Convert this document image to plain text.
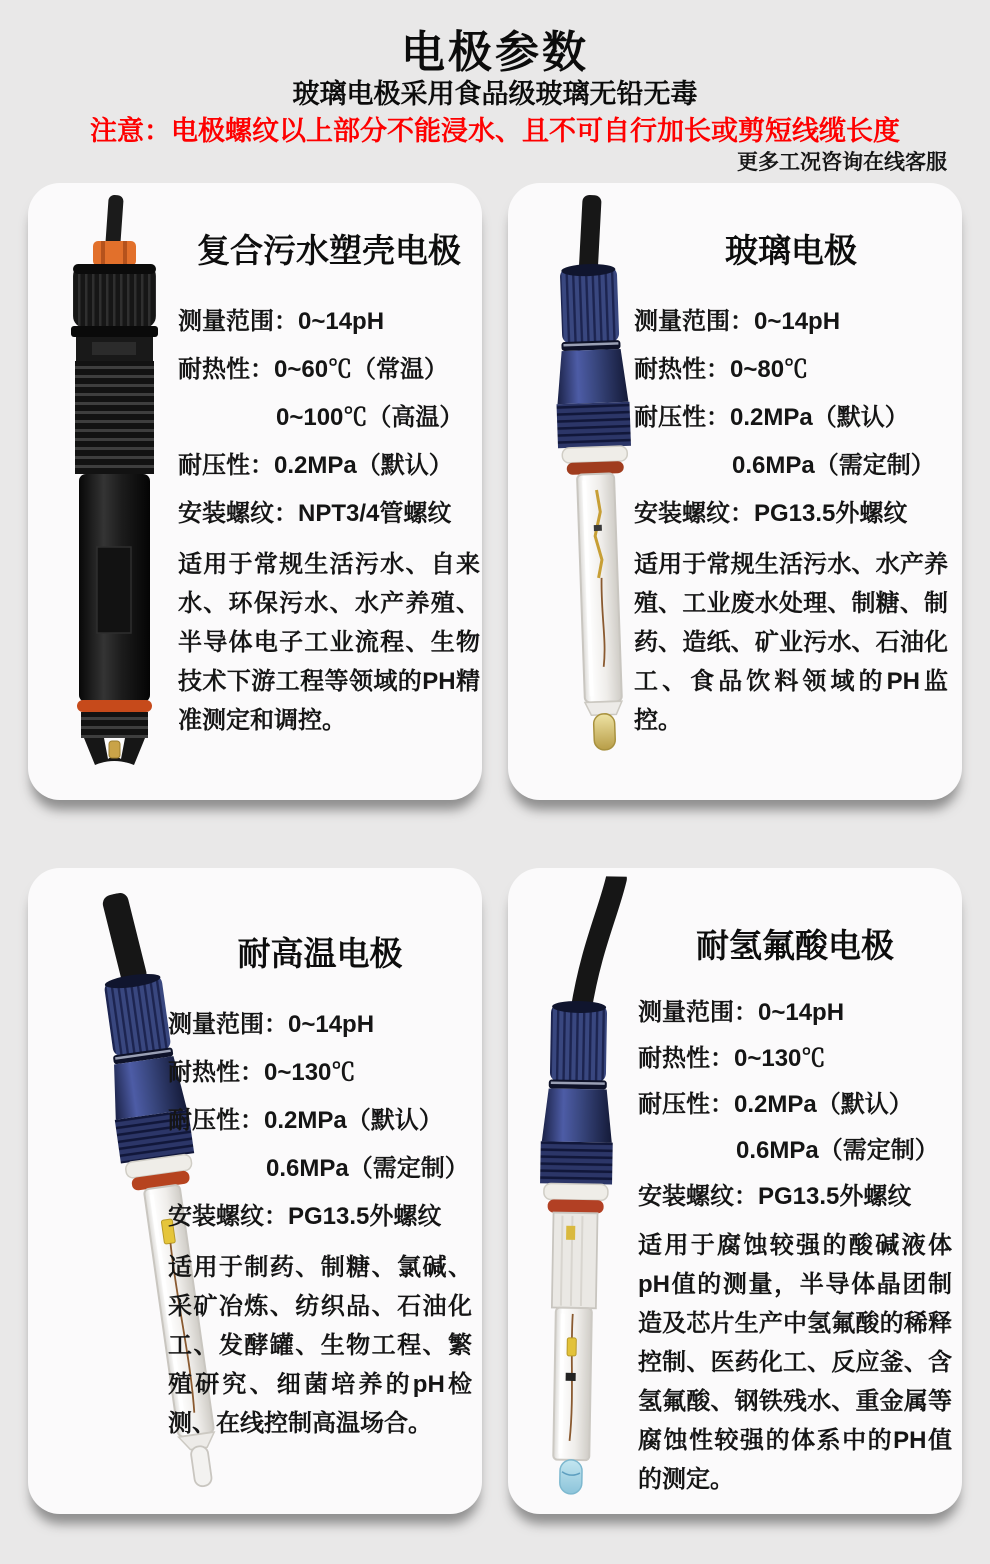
电极参数
玻璃电极采用食品级玻璃无铅无毒
注意：电极螺纹以上部分不能浸水、且不可自行加长或剪短线缆长度
更多工况咨询在线客服
复合污水塑壳电极
测量范围：0~14pH
耐热性：0~60℃（常温）
0~100℃（高温）
耐压性：0.2MPa（默认）
安装螺纹：NPT3/4管螺纹
适用于常规生活污水、自来水、环保污水、水产养殖、半导体电子工业流程、生物技术下游工程等领域的PH精准测定和调控。
玻璃电极
测量范围：0~14pH
耐热性：0~80℃
耐压性：0.2MPa（默认）
0.6MPa（需定制）
安装螺纹：PG13.5外螺纹
适用于常规生活污水、水产养殖、工业废水处理、制糖、制药、造纸、矿业污水、石油化工、食品饮料领域的PH监控。
耐高温电极
测量范围：0~14pH
耐热性：0~130℃
耐压性：0.2MPa（默认）
0.6MPa（需定制）
安装螺纹：PG13.5外螺纹
适用于制药、制糖、氯碱、采矿冶炼、纺织品、石油化工、发酵罐、生物工程、繁殖研究、细菌培养的pH检测、在线控制高温场合。
耐氢氟酸电极
测量范围：0~14pH
耐热性：0~130℃
耐压性：0.2MPa（默认）
0.6MPa（需定制）
安装螺纹：PG13.5外螺纹
适用于腐蚀较强的酸碱液体pH值的测量，半导体晶团制造及芯片生产中氢氟酸的稀释控制、医药化工、反应釜、含氢氟酸、钢铁残水、重金属等腐蚀性较强的体系中的PH值的测定。
